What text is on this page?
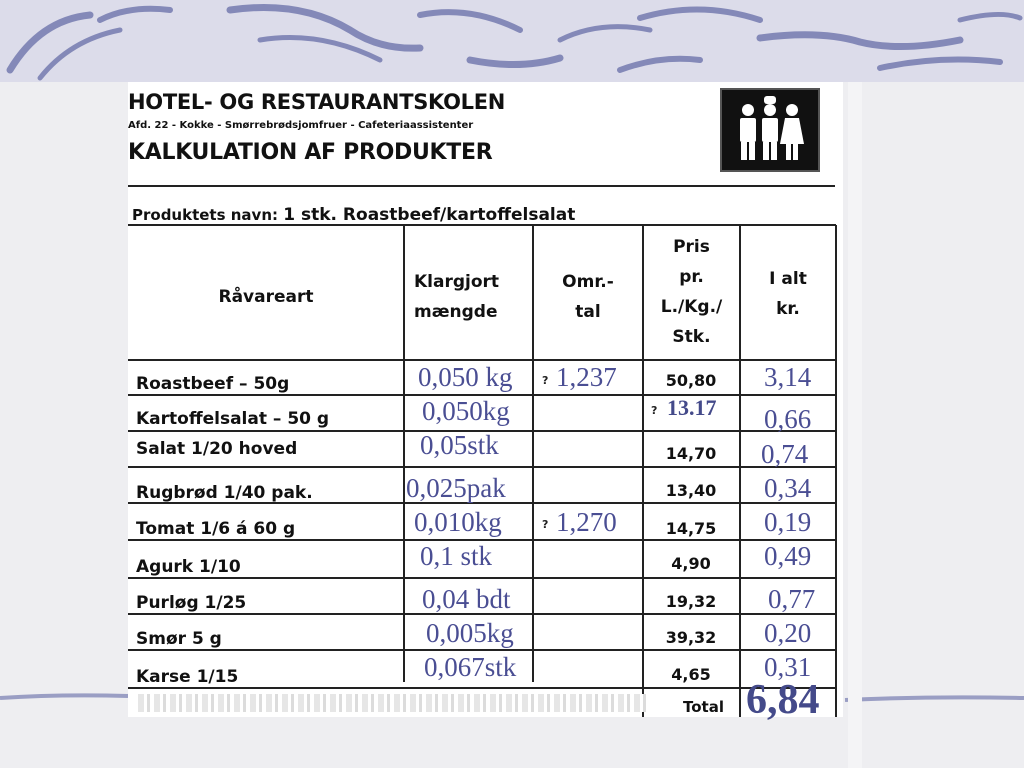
HOTEL- OG RESTAURANTSKOLEN
Afd. 22 - Kokke - Smørrebrødsjomfruer - Cafeteriaassistenter
KALKULATION AF PRODUKTER
Produktets navn: 1 stk. Roastbeef/kartoffelsalat
Råvareart
Klargjort
mængde
Omr.-
tal
Pris
pr.
L./Kg./
Stk.
I alt
kr.
Roastbeef – 50g
Kartoffelsalat – 50 g
Salat 1/20 hoved
Rugbrød 1/40 pak.
Tomat 1/6 á 60 g
Agurk 1/10
Purløg 1/25
Smør 5 g
Karse 1/15
50,80
14,70
13,40
14,75
4,90
19,32
39,32
4,65
? 13.17
0,050 kg
0,050kg
0,05stk
0,025pak
0,010kg
0,1 stk
0,04 bdt
0,005kg
0,067stk
? 1,237
? 1,270
3,14
0,66
0,74
0,34
0,19
0,49
0,77
0,20
0,31
Total 6,84
